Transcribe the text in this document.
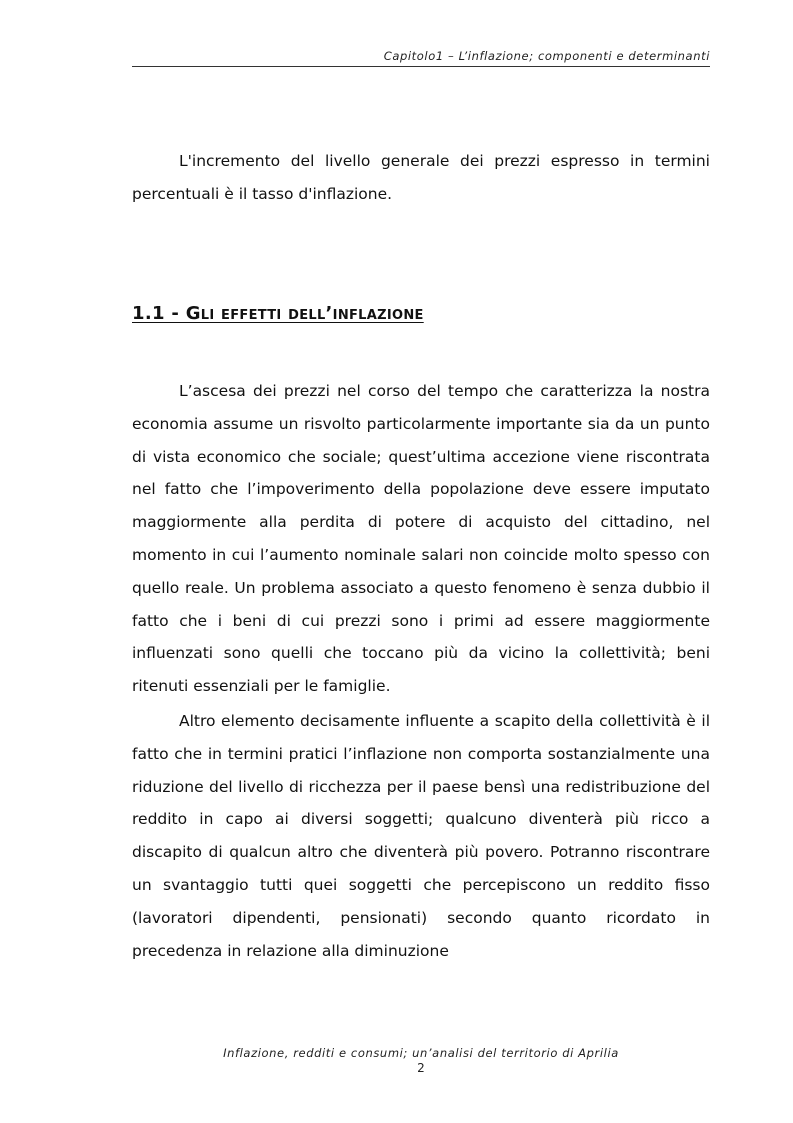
Capitolo1 – L’inflazione; componenti e determinanti

L'incremento del livello generale dei prezzi espresso in termini percentuali è il tasso d'inflazione.

1.1 - Gli effetti dell’inflazione

L’ascesa dei prezzi nel corso del tempo che caratterizza la nostra economia assume un risvolto particolarmente importante sia da un punto di vista economico che sociale; quest’ultima accezione viene riscontrata nel fatto che l’impoverimento della popolazione deve essere imputato maggiormente alla perdita di potere di acquisto del cittadino, nel momento in cui l’aumento nominale salari non coincide molto spesso con quello reale. Un problema associato a questo fenomeno è senza dubbio il fatto che i beni di cui prezzi sono i primi ad essere maggiormente influenzati sono quelli che toccano più da vicino la collettività; beni ritenuti essenziali per le famiglie.

Altro elemento decisamente influente a scapito della collettività è il fatto che in termini pratici l’inflazione non comporta sostanzialmente una riduzione del livello di ricchezza per il paese bensì una redistribuzione del reddito in capo ai diversi soggetti; qualcuno diventerà più ricco a discapito di qualcun altro che diventerà più povero. Potranno riscontrare un svantaggio tutti quei soggetti che percepiscono un reddito fisso (lavoratori dipendenti, pensionati) secondo quanto ricordato in precedenza in relazione alla diminuzione

Inflazione, redditi e consumi; un’analisi del territorio di Aprilia
2
